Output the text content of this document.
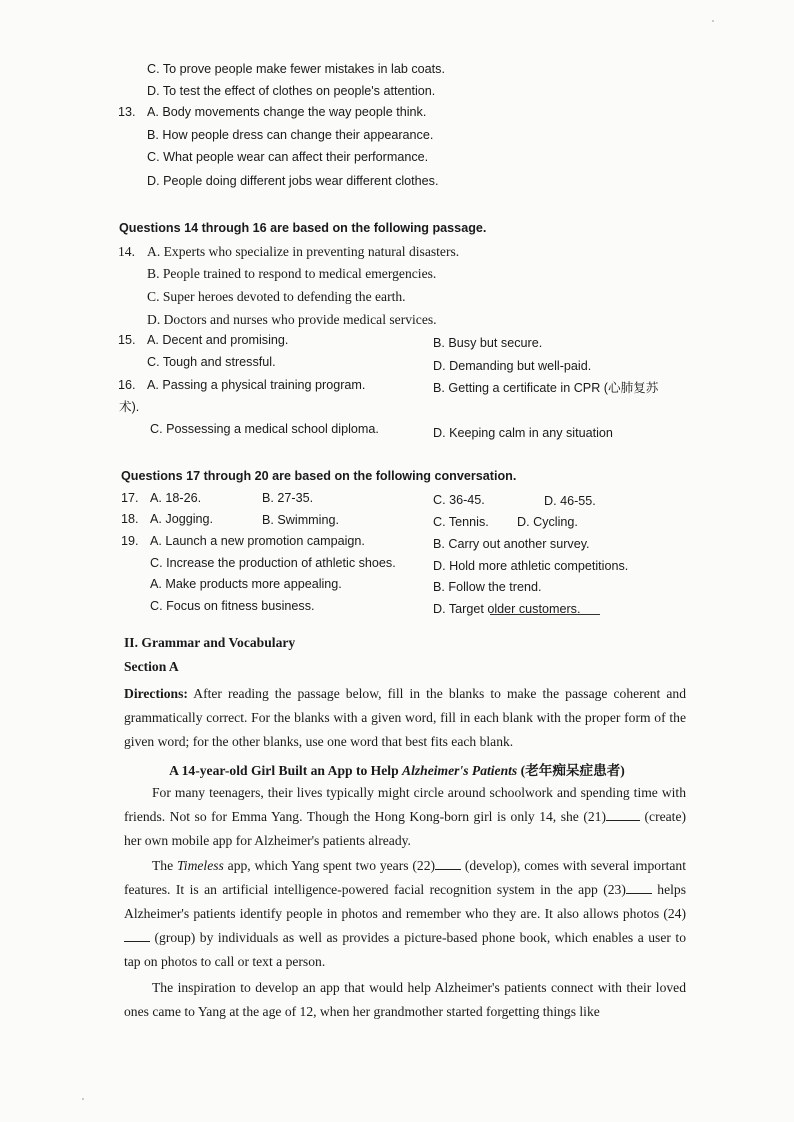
C. To prove people make fewer mistakes in lab coats.
D. To test the effect of clothes on people's attention.
13. A. Body movements change the way people think.
B. How people dress can change their appearance.
C. What people wear can affect their performance.
D. People doing different jobs wear different clothes.
Questions 14 through 16 are based on the following passage.
14. A. Experts who specialize in preventing natural disasters.
B. People trained to respond to medical emergencies.
C. Super heroes devoted to defending the earth.
D. Doctors and nurses who provide medical services.
15. A. Decent and promising.	B. Busy but secure.
C. Tough and stressful.	D. Demanding but well-paid.
16. A. Passing a physical training program.	B. Getting a certificate in CPR (心肺复苏
术).
C. Possessing a medical school diploma.	D. Keeping calm in any situation
Questions 17 through 20 are based on the following conversation.
17. A. 18-26.	B. 27-35.	C. 36-45.	D. 46-55.
18. A. Jogging.	B. Swimming.	C. Tennis. D. Cycling.
19. A. Launch a new promotion campaign.	B. Carry out another survey.
C. Increase the production of athletic shoes.	D. Hold more athletic competitions.
A. Make products more appealing.	B. Follow the trend.
C. Focus on fitness business.	D. Target older customers.
II. Grammar and Vocabulary
Section A
Directions: After reading the passage below, fill in the blanks to make the passage coherent and grammatically correct. For the blanks with a given word, fill in each blank with the proper form of the given word; for the other blanks, use one word that best fits each blank.
A 14-year-old Girl Built an App to Help Alzheimer's Patients (老年痴呆症患者)
For many teenagers, their lives typically might circle around schoolwork and spending time with friends. Not so for Emma Yang. Though the Hong Kong-born girl is only 14, she (21)	(create) her own mobile app for Alzheimer's patients already.
The Timeless app, which Yang spent two years (22) (develop), comes with several important features. It is an artificial intelligence-powered facial recognition system in the app (23) helps Alzheimer's patients identify people in photos and remember who they are. It also allows photos (24) (group) by individuals as well as provides a picture-based phone book, which enables a user to tap on photos to call or text a person.
The inspiration to develop an app that would help Alzheimer's patients connect with their loved ones came to Yang at the age of 12, when her grandmother started forgetting things like
